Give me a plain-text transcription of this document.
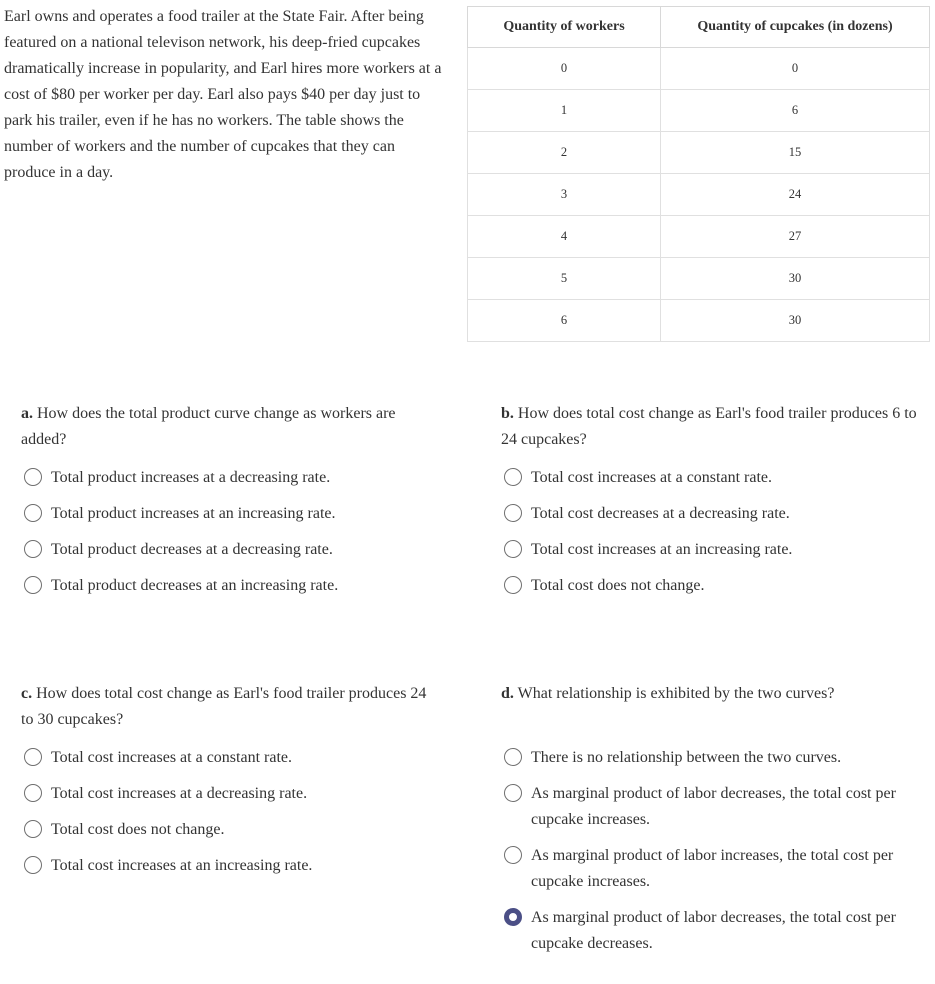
Earl owns and operates a food trailer at the State Fair. After being featured on a national televison network, his deep-fried cupcakes dramatically increase in popularity, and Earl hires more workers at a cost of $80 per worker per day. Earl also pays $40 per day just to park his trailer, even if he has no workers. The table shows the number of workers and the number of cupcakes that they can produce in a day.

Quantity of workers	Quantity of cupcakes (in dozens)
0	0
1	6
2	15
3	24
4	27
5	30
6	30

a. How does the total product curve change as workers are added?

Total product increases at a decreasing rate.
Total product increases at an increasing rate.
Total product decreases at a decreasing rate.
Total product decreases at an increasing rate.

b. How does total cost change as Earl's food trailer produces 6 to 24 cupcakes?

Total cost increases at a constant rate.
Total cost decreases at a decreasing rate.
Total cost increases at an increasing rate.
Total cost does not change.

c. How does total cost change as Earl's food trailer produces 24 to 30 cupcakes?

Total cost increases at a constant rate.
Total cost increases at a decreasing rate.
Total cost does not change.
Total cost increases at an increasing rate.

d. What relationship is exhibited by the two curves?

There is no relationship between the two curves.
As marginal product of labor decreases, the total cost per cupcake increases.
As marginal product of labor increases, the total cost per cupcake increases.
As marginal product of labor decreases, the total cost per cupcake decreases.
